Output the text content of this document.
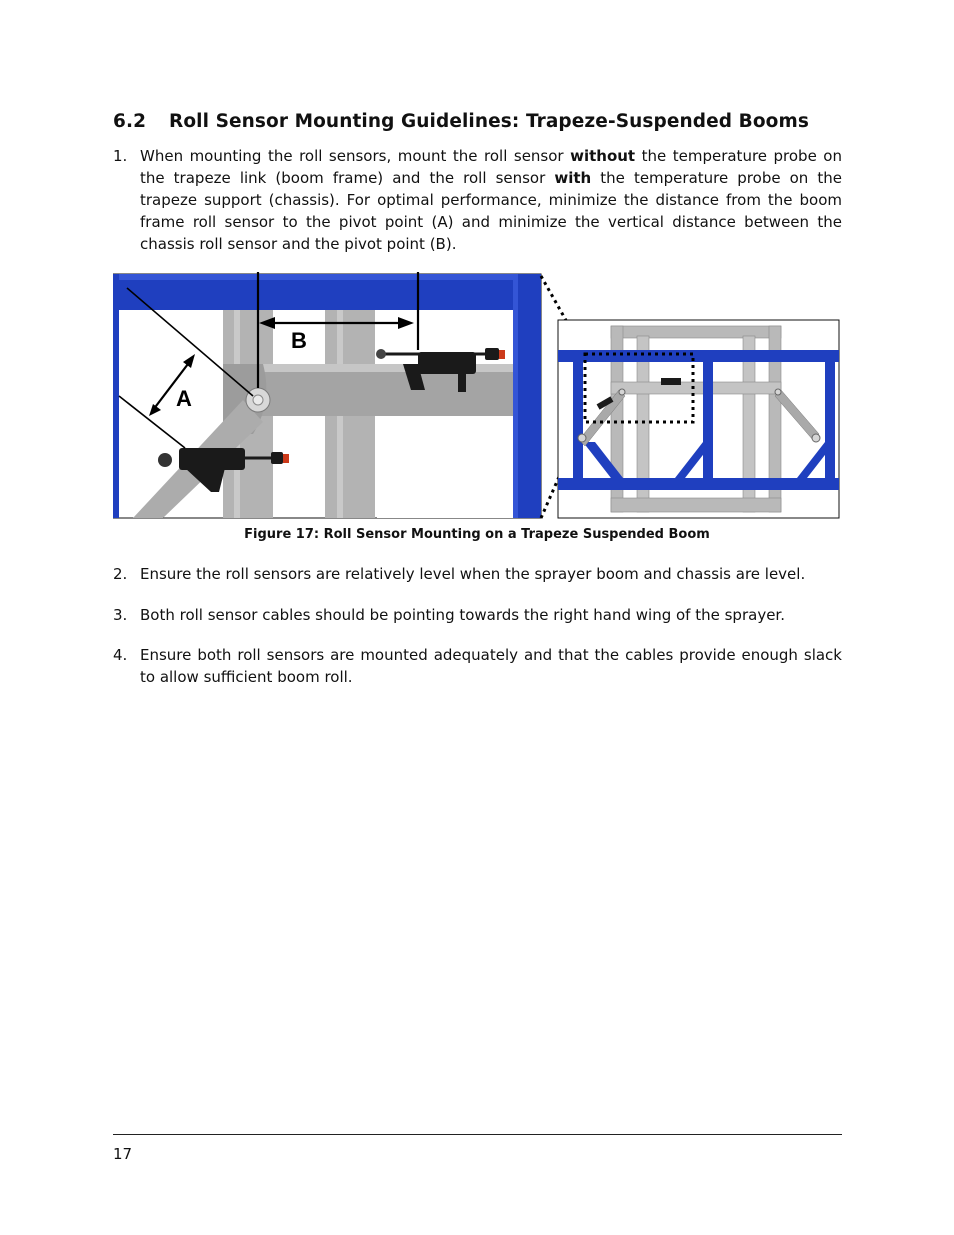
6.2 Roll Sensor Mounting Guidelines: Trapeze-Suspended Booms
1. When mounting the roll sensors, mount the roll sensor without the temperature probe on the trapeze link (boom frame) and the roll sensor with the temperature probe on the trapeze support (chassis). For optimal performance, minimize the distance from the boom frame roll sensor to the pivot point (A) and minimize the vertical distance between the chassis roll sensor and the pivot point (B).
A
B
Figure 17: Roll Sensor Mounting on a Trapeze Suspended Boom
2. Ensure the roll sensors are relatively level when the sprayer boom and chassis are level.
3. Both roll sensor cables should be pointing towards the right hand wing of the sprayer.
4. Ensure both roll sensors are mounted adequately and that the cables provide enough slack to allow sufficient boom roll.
17
